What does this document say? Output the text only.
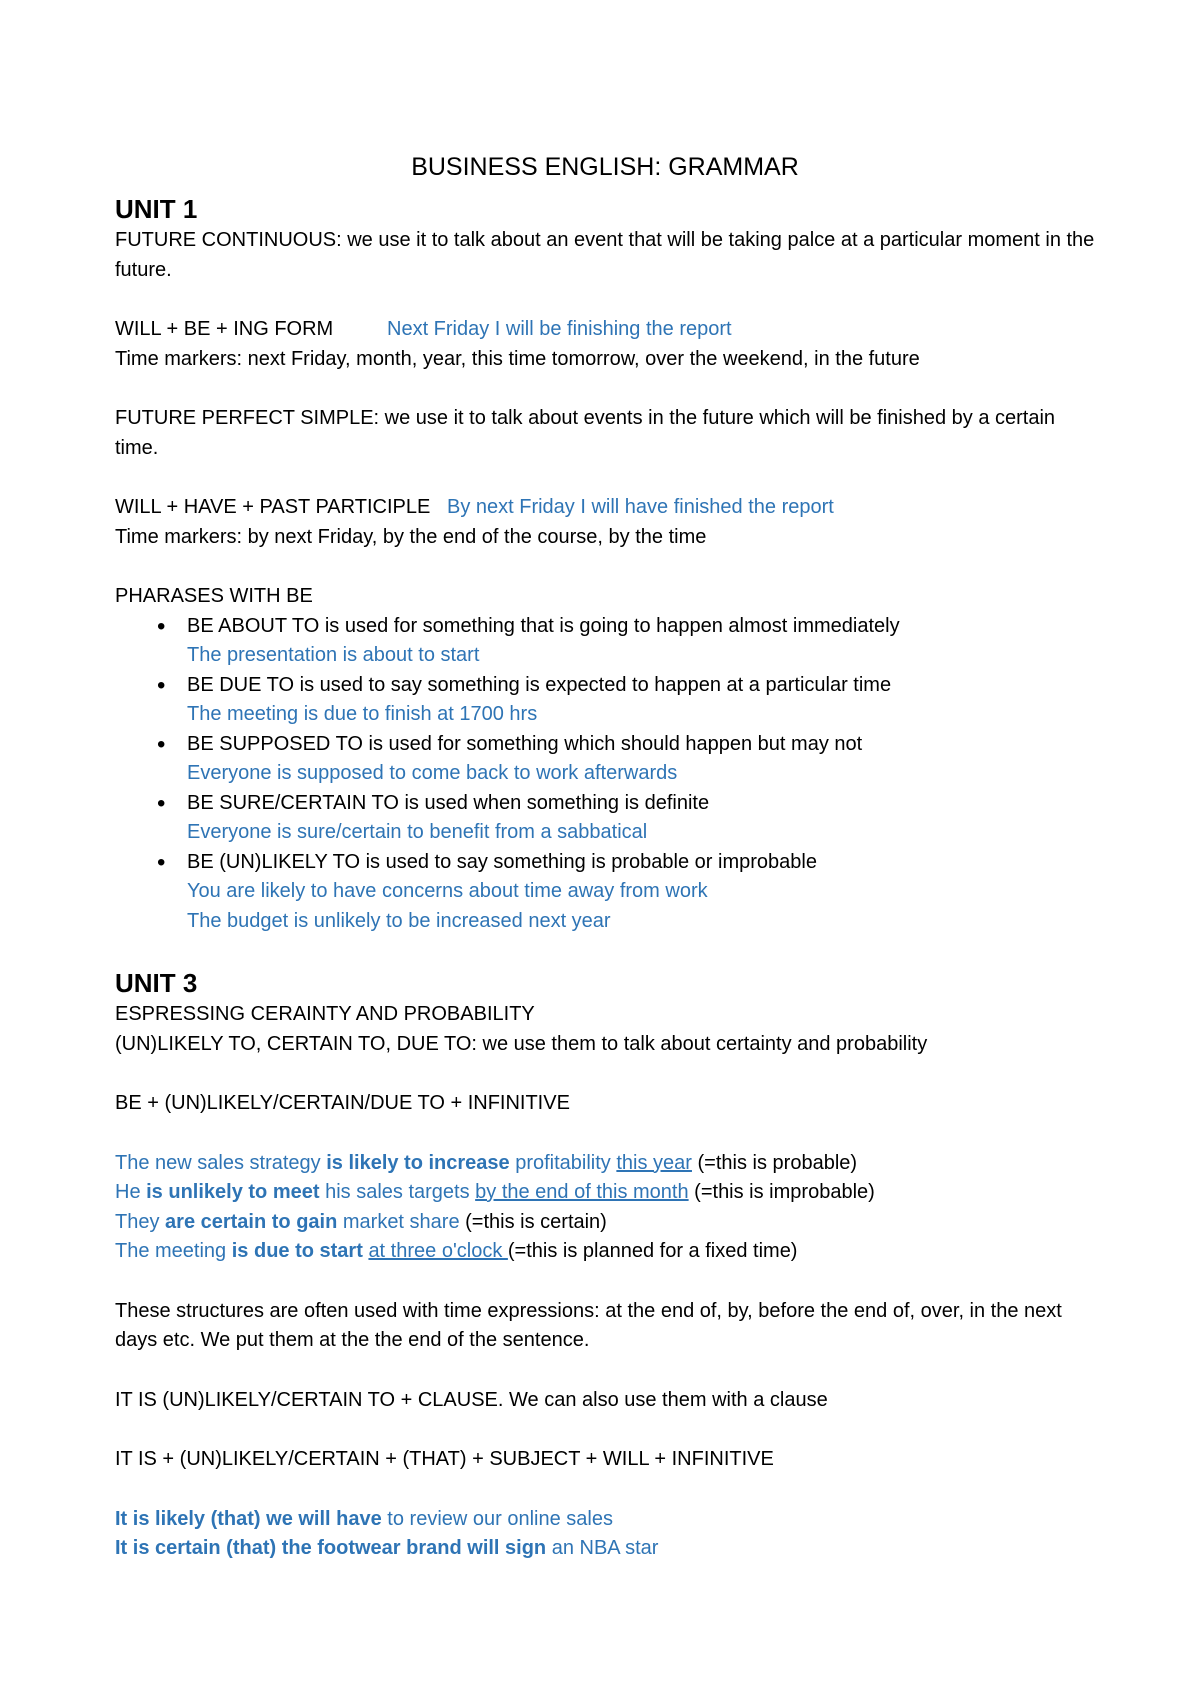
BUSINESS ENGLISH: GRAMMAR

UNIT 1

FUTURE CONTINUOUS: we use it to talk about an event that will be taking palce at a particular moment in the future.

WILL + BE + ING FORM	Next Friday I will be finishing the report

Time markers: next Friday, month, year, this time tomorrow, over the weekend, in the future

FUTURE PERFECT SIMPLE: we use it to talk about events in the future which will be finished by a certain time.

WILL + HAVE + PAST PARTICIPLE By next Friday I will have finished the report

Time markers: by next Friday, by the end of the course, by the time

PHARASES WITH BE

• BE ABOUT TO is used for something that is going to happen almost immediately
The presentation is about to start
• BE DUE TO is used to say something is expected to happen at a particular time
The meeting is due to finish at 1700 hrs
• BE SUPPOSED TO is used for something which should happen but may not
Everyone is supposed to come back to work afterwards
• BE SURE/CERTAIN TO is used when something is definite
Everyone is sure/certain to benefit from a sabbatical
• BE (UN)LIKELY TO is used to say something is probable or improbable
You are likely to have concerns about time away from work
The budget is unlikely to be increased next year

UNIT 3

ESPRESSING CERAINTY AND PROBABILITY

(UN)LIKELY TO, CERTAIN TO, DUE TO: we use them to talk about certainty and probability

BE + (UN)LIKELY/CERTAIN/DUE TO + INFINITIVE

The new sales strategy is likely to increase profitability this year (=this is probable)

He is unlikely to meet his sales targets by the end of this month (=this is improbable)

They are certain to gain market share (=this is certain)

The meeting is due to start at three o'clock (=this is planned for a fixed time)

These structures are often used with time expressions: at the end of, by, before the end of, over, in the next days etc. We put them at the the end of the sentence.

IT IS (UN)LIKELY/CERTAIN TO + CLAUSE. We can also use them with a clause

IT IS + (UN)LIKELY/CERTAIN + (THAT) + SUBJECT + WILL + INFINITIVE

It is likely (that) we will have to review our online sales

It is certain (that) the footwear brand will sign an NBA star
